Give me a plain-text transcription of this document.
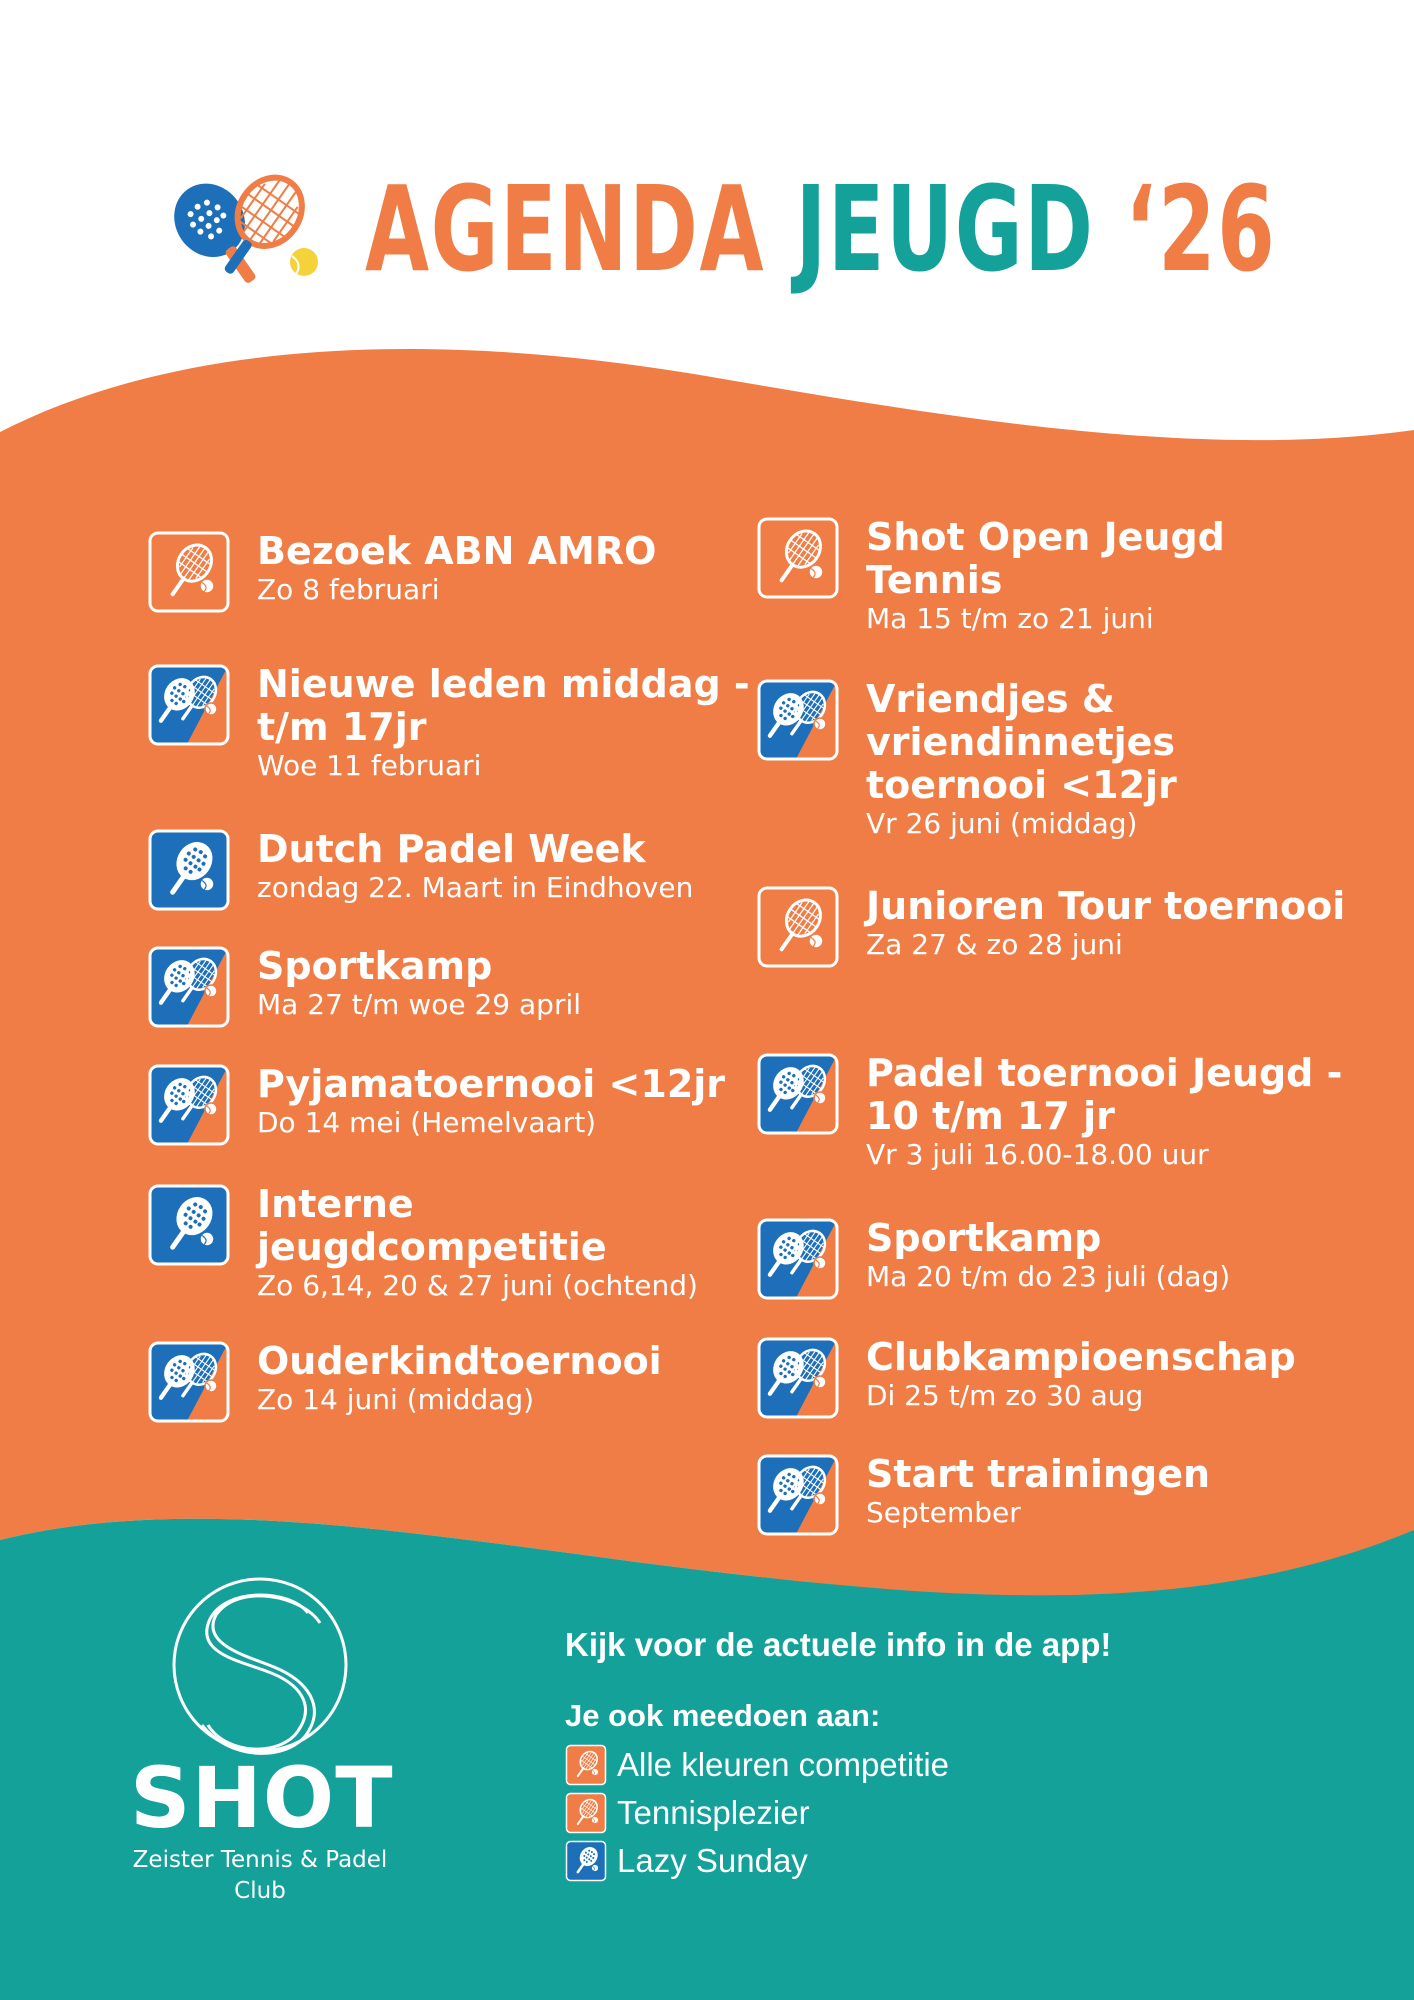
AGENDA JEUGD ‘26
Bezoek ABN AMRO
Zo 8 februari
Nieuwe leden middag - t/m 17jr
Woe 11 februari
Dutch Padel Week
zondag 22. Maart in Eindhoven
Sportkamp
Ma 27 t/m woe 29 april
Pyjamatoernooi <12jr
Do 14 mei (Hemelvaart)
Interne jeugdcompetitie
Zo 6,14, 20 & 27 juni (ochtend)
Ouderkindtoernooi
Zo 14 juni (middag)
Shot Open Jeugd Tennis
Ma 15 t/m zo 21 juni
Vriendjes & vriendinnetjes toernooi <12jr
Vr 26 juni (middag)
Junioren Tour toernooi
Za 27 & zo 28 juni
Padel toernooi Jeugd - 10 t/m 17 jr
Vr 3 juli 16.00-18.00 uur
Sportkamp
Ma 20 t/m do 23 juli (dag)
Clubkampioenschap
Di 25 t/m zo 30 aug
Start trainingen
September
SHOT
Zeister Tennis & Padel Club
Kijk voor de actuele info in de app!
Je ook meedoen aan:
Alle kleuren competitie
Tennisplezier
Lazy Sunday
